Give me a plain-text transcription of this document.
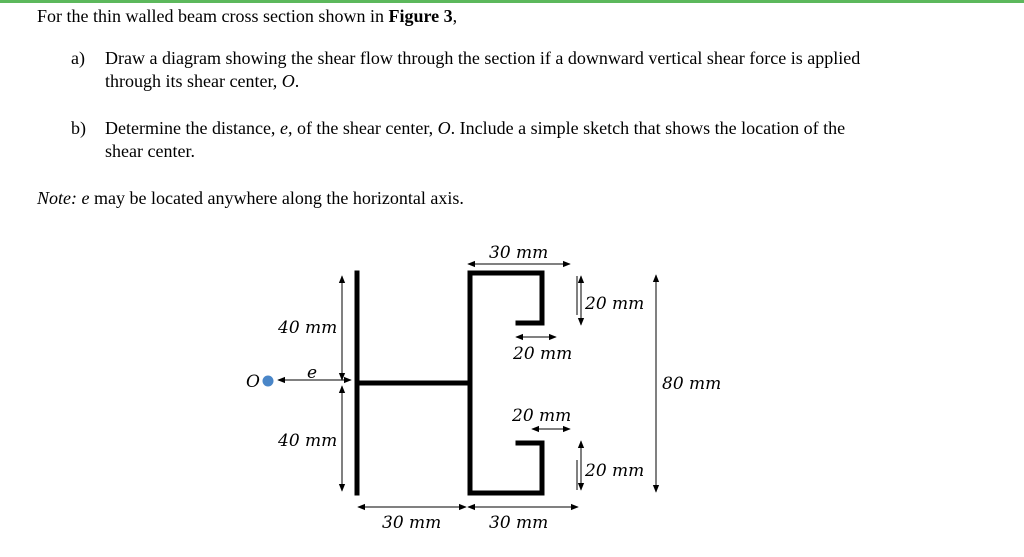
For the thin walled beam cross section shown in Figure 3,
a)	Draw a diagram showing the shear flow through the section if a downward vertical shear force is applied
through its shear center, O.
b)	Determine the distance, e, of the shear center, O. Include a simple sketch that shows the location of the
shear center.
Note: e may be located anywhere along the horizontal axis.
30 mm
20 mm
40 mm
20 mm
O	e
80 mm
20 mm
40 mm
20 mm
30 mm	30 mm
